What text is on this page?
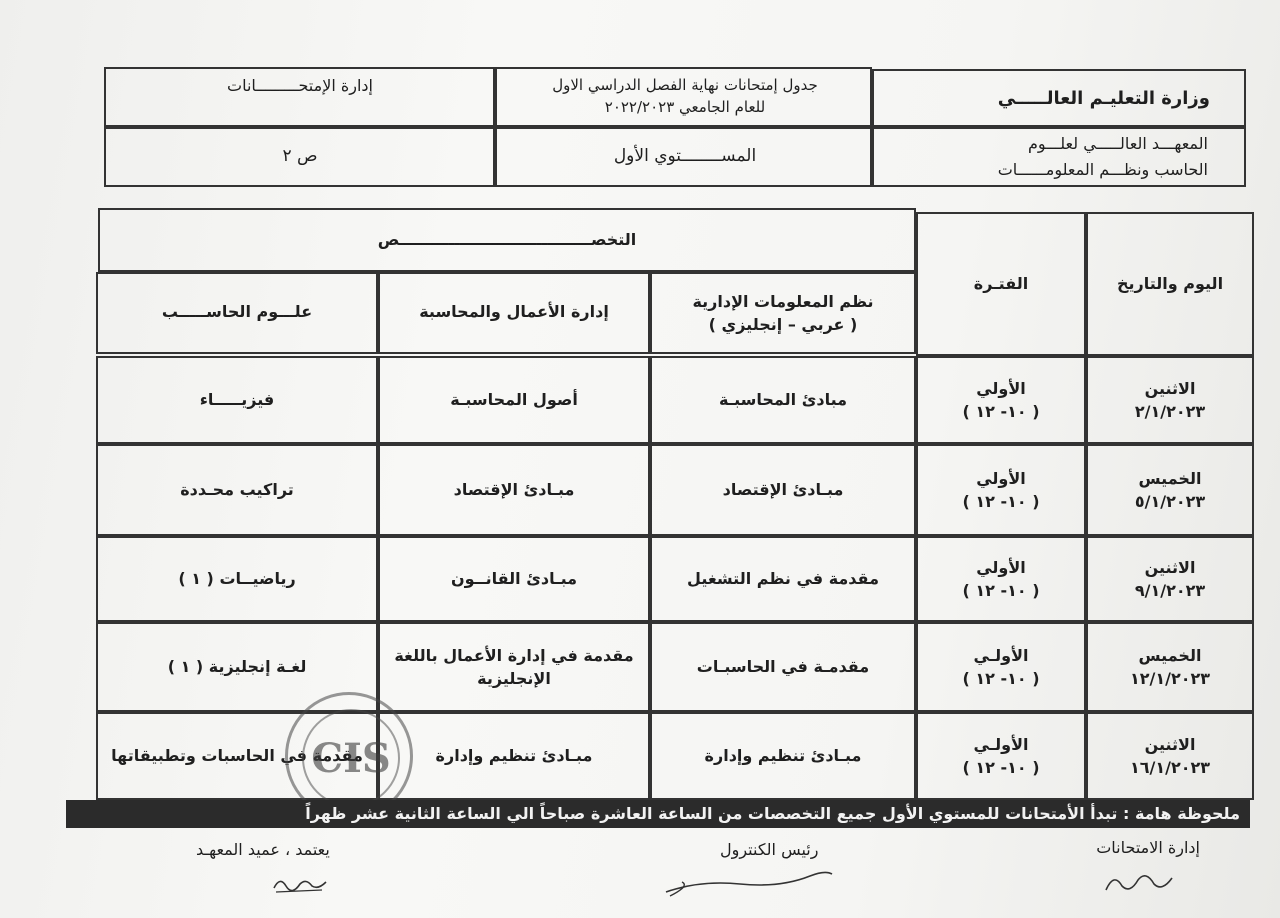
وزارة التعليـم العالـــــي
جدول إمتحانات نهاية الفصل الدراسي الاول
للعام الجامعي ٢٠٢٢/٢٠٢٣
إدارة الإمتحـــــــــانات
المعهـــد العالـــــي لعلـــوم
الحاسب ونظـــم المعلومــــــات
المســــــــتوي الأول
ص ٢
اليوم والتاريخ
الفتـرة
التخصـــــــــــــــــــــــــــــــــــص
نظم المعلومات الإدارية
( عربي – إنجليزي )
إدارة الأعمال والمحاسبة
علـــوم الحاســـــب
الاثنين
٢/١/٢٠٢٣
الأولي
( ١٠- ١٢ )
مبادئ المحاسبـة
أصول المحاسبـة
فيزيـــــاء
الخميس
٥/١/٢٠٢٣
الأولي
( ١٠- ١٢ )
مبـادئ الإقتصاد
مبـادئ الإقتصاد
تراكيب محـددة
الاثنين
٩/١/٢٠٢٣
الأولي
( ١٠- ١٢ )
مقدمة في نظم التشغيل
مبـادئ القانــون
رياضيــات ( ١ )
الخميس
١٢/١/٢٠٢٣
الأولـي
( ١٠- ١٢ )
مقدمـة في الحاسبـات
مقدمة في إدارة الأعمال باللغة الإنجليزية
لغـة إنجليزية ( ١ )
الاثنين
١٦/١/٢٠٢٣
الأولـي
( ١٠- ١٢ )
مبـادئ تنظيم وإدارة
مبـادئ تنظيم وإدارة
مقدمة في الحاسبات وتطبيقاتها
CIS
ملحوظة هامة : تبدأ الأمتحانات للمستوي الأول جميع التخصصات من الساعة العاشرة صباحاً الي الساعة الثانية عشر ظهراً
إدارة الامتحانات
رئيس الكنترول
يعتمد ، عميد المعهـد
